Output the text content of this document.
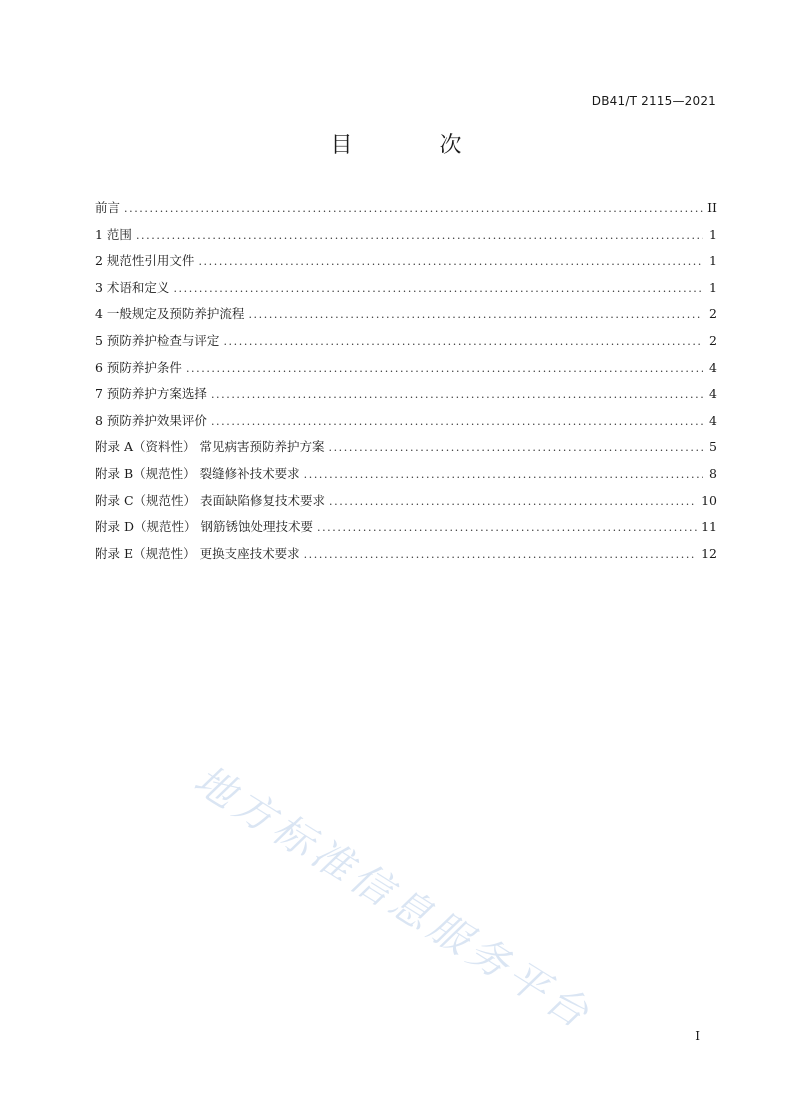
DB41/T 2115—2021
目 次
前言 .....	II
1 范围 .....	1
2 规范性引用文件 .....	1
3 术语和定义 .....	1
4 一般规定及预防养护流程 .....	2
5 预防养护检查与评定 .....	2
6 预防养护条件 .....	4
7 预防养护方案选择 .....	4
8 预防养护效果评价 .....	4
附录 A（资料性） 常见病害预防养护方案 .....	5
附录 B（规范性） 裂缝修补技术要求 .....	8
附录 C（规范性） 表面缺陷修复技术要求 .....	10
附录 D（规范性） 钢筋锈蚀处理技术要 .....	11
附录 E（规范性） 更换支座技术要求 .....	12
地方标准信息服务平台	I
